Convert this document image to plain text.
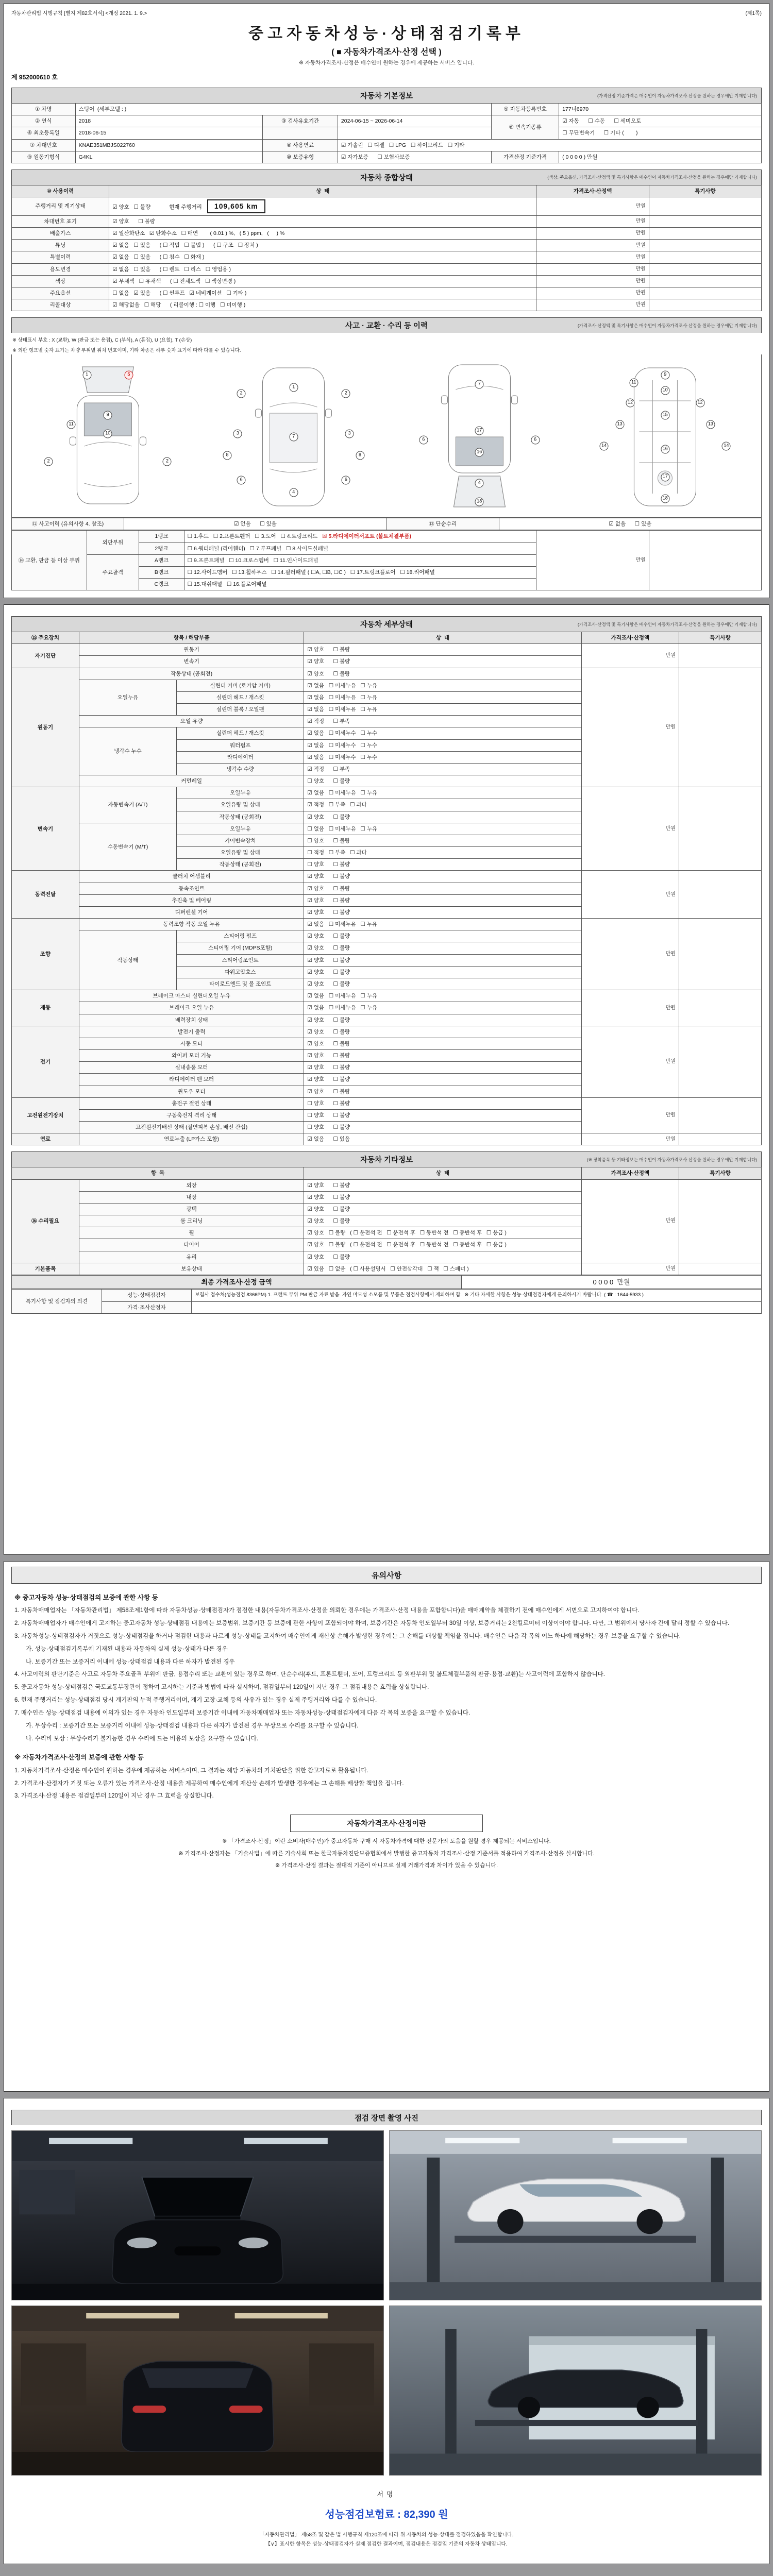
자동차관리법 시행규칙 [별지 제82호서식] <개정 2021. 1. 9.>	(제1쪽)
중고자동차성능·상태점검기록부
( ■ 자동차가격조사·산정 선택 )
※ 자동차가격조사·산정은 매수인이 원하는 경우에 제공하는 서비스 입니다.
제 952000610 호
자동차 기본정보	(가격산정 기준가격은 매수인이 자동차가격조사·산정을 원하는 경우에만 기재합니다)
① 차명	스팅어  (세부모델 : )			⑤ 자동차등록번호	177너6970
② 연식	2018	③ 검사유효기간	2024-06-15 ~ 2026-06-14	⑥ 변속기종류	☑ 자동      ☐ 수동      ☐ 세미오토
④ 최초등록일	2018-06-15				☐ 무단변속기      ☐ 기타 (        )
⑦ 차대번호	KNAE351MBJS022760	⑧ 사용연료	☑ 가솔린   ☐ 디젤   ☐ LPG   ☐ 하이브리드   ☐ 기타		
⑨ 원동기형식	G4KL	⑩ 보증유형	☑ 자가보증      ☐ 보험사보증	가격산정 기준가격	( 0 0 0 0 ) 만원
자동차 종합상태	(색상, 주요옵션, 가격조사·산정액 및 특기사항은 매수인이 자동차가격조사·산정을 원하는 경우에만 기재합니다)
⑩ 사용이력	상  태	가격조사·산정액	특기사항
주행거리 및 계기상태	☑ 양호   ☐ 불량 현재 주행거리 109,605 km	만원	
차대번호 표기	☑ 양호      ☐ 불량	만원	
배출가스	☑ 일산화탄소   ☑ 탄화수소   ☐ 매연        ( 0.01 ) %,   ( 5 ) ppm,   (     ) %	만원	
튜닝	☑ 없음   ☐ 있음      ( ☐ 적법   ☐ 불법 )      ( ☐ 구조   ☐ 장치 )	만원	
특별이력	☑ 없음   ☐ 있음      ( ☐ 침수   ☐ 화재 )	만원	
용도변경	☑ 없음   ☐ 있음      ( ☐ 렌트   ☐ 리스   ☐ 영업용 )	만원	
색상	☑ 무채색   ☐ 유채색      ( ☐ 전체도색   ☐ 색상변경 )	만원	
주요옵션	☐ 없음   ☑ 있음      ( ☐ 썬루프   ☑ 네비게이션   ☐ 기타 )	만원	
리콜대상	☑ 해당없음   ☐ 해당      ( 리콜이행 : ☐ 이행   ☐ 미이행 )	만원	
사고 · 교환 · 수리 등 이력	(가격조사·산정액 및 특기사항은 매수인이 자동차가격조사·산정을 원하는 경우에만 기재합니다)
※ 상태표시 부호 : X (교환), W (판금 또는 용접), C (부식), A (흠집), U (요철), T (손상)
※ 외판 랭크별 숫자 표기는 차량 부위별 위치 번호이며, 기타 차종은 하부 숫자 표기에 따라 다를 수 있습니다.
1	5
9
10
11
2	2
1
2	2
7
3	3
8	8
6	6
4
7
6	6
17
16
4
18
9
10
11
12	12
13	13
14	14
15
16
17
18
⑫ 사고이력 (유의사항 4. 참조)	☑ 없음      ☐ 있음	⑬ 단순수리	☑ 없음      ☐ 있음
⑭ 교환, 판금 등 이상 부위	외판부위	1랭크	☐ 1.후드   ☐ 2.프론트휀더   ☐ 3.도어   ☐ 4.트렁크리드   ☒ 5.라디에이터서포트 (볼트체결부품)	만원	
		2랭크	☐ 6.쿼터패널 (리어휀더)   ☐ 7.루프패널   ☐ 8.사이드실패널		
	주요골격	A랭크	☐ 9.프론트패널   ☐ 10.크로스멤버   ☐ 11.인사이드패널		
		B랭크	☐ 12.사이드멤버   ☐ 13.휠하우스   ☐ 14.필러패널 ( ☐A, ☐B, ☐C )   ☐ 17.트렁크플로어   ☐ 18.리어패널		
		C랭크	☐ 15.대쉬패널   ☐ 16.플로어패널		
자동차 세부상태	(가격조사·산정액 및 특기사항은 매수인이 자동차가격조사·산정을 원하는 경우에만 기재합니다)
⑮ 주요장치	항목 / 해당부품		상  태	가격조사·산정액	특기사항
자기진단	원동기		☑ 양호      ☐ 불량	만원	
	변속기		☑ 양호      ☐ 불량		
원동기	작동상태 (공회전)		☑ 양호      ☐ 불량	만원	
	오일누유	실린더 커버 (로커암 커버)	☑ 없음   ☐ 미세누유   ☐ 누유		
		실린더 헤드 / 개스킷	☑ 없음   ☐ 미세누유   ☐ 누유		
		실린더 블록 / 오일팬	☑ 없음   ☐ 미세누유   ☐ 누유		
	오일 유량		☑ 적정      ☐ 부족		
	냉각수 누수	실린더 헤드 / 개스킷	☑ 없음   ☐ 미세누수   ☐ 누수		
		워터펌프	☑ 없음   ☐ 미세누수   ☐ 누수		
		라디에이터	☑ 없음   ☐ 미세누수   ☐ 누수		
		냉각수 수량	☑ 적정      ☐ 부족		
	커먼레일		☐ 양호      ☐ 불량		
변속기	자동변속기 (A/T)	오일누유	☑ 없음   ☐ 미세누유   ☐ 누유	만원	
		오일유량 및 상태	☑ 적정   ☐ 부족   ☐ 과다		
		작동상태 (공회전)	☑ 양호      ☐ 불량		
	수동변속기 (M/T)	오일누유	☐ 없음   ☐ 미세누유   ☐ 누유		
		기어변속장치	☐ 양호      ☐ 불량		
		오일유량 및 상태	☐ 적정   ☐ 부족   ☐ 과다		
		작동상태 (공회전)	☐ 양호      ☐ 불량		
동력전달	클러치 어셈블리		☑ 양호      ☐ 불량	만원	
	등속조인트		☑ 양호      ☐ 불량		
	추진축 및 베어링		☑ 양호      ☐ 불량		
	디퍼렌셜 기어		☑ 양호      ☐ 불량		
조향	동력조향 작동 오일 누유		☑ 없음   ☐ 미세누유   ☐ 누유	만원	
	작동상태	스티어링 펌프	☑ 양호      ☐ 불량		
		스티어링 기어 (MDPS포함)	☑ 양호      ☐ 불량		
		스티어링조인트	☑ 양호      ☐ 불량		
		파워고압호스	☑ 양호      ☐ 불량		
		타이로드엔드 및 볼 조인트	☑ 양호      ☐ 불량		
제동	브레이크 마스터 실린더오일 누유		☑ 없음   ☐ 미세누유   ☐ 누유	만원	
	브레이크 오일 누유		☑ 없음   ☐ 미세누유   ☐ 누유		
	배력장치 상태		☑ 양호      ☐ 불량		
전기	발전기 출력		☑ 양호      ☐ 불량	만원	
	시동 모터		☑ 양호      ☐ 불량		
	와이퍼 모터 기능		☑ 양호      ☐ 불량		
	실내송풍 모터		☑ 양호      ☐ 불량		
	라디에이터 팬 모터		☑ 양호      ☐ 불량		
	윈도우 모터		☑ 양호      ☐ 불량		
고전원전기장치	충전구 절연 상태		☐ 양호      ☐ 불량	만원	
	구동축전지 격리 상태		☐ 양호      ☐ 불량		
	고전원전기배선 상태 (절연피복 손상, 배선 간섭)		☐ 양호      ☐ 불량		
연료	연료누출 (LP가스 포함)		☑ 없음      ☐ 있음	만원	
자동차 기타정보	(※ 장착품목 등 기타정보는 매수인이 자동차가격조사·산정을 원하는 경우에만 기재합니다)
항  목		상  태	가격조사·산정액	특기사항
⑯ 수리필요	외장	☑ 양호      ☐ 불량	만원	
	내장	☑ 양호      ☐ 불량		
	광택	☑ 양호      ☐ 불량		
	룸 크리닝	☑ 양호      ☐ 불량		
	휠	☑ 양호   ☐ 불량   ( ☐ 운전석 전   ☐ 운전석 후   ☐ 동반석 전   ☐ 동반석 후   ☐ 응급 )		
	타이어	☑ 양호   ☐ 불량   ( ☐ 운전석 전   ☐ 운전석 후   ☐ 동반석 전   ☐ 동반석 후   ☐ 응급 )		
	유리	☑ 양호      ☐ 불량		
기본품목	보유상태	☑ 있음   ☐ 없음   ( ☐ 사용설명서   ☐ 안전삼각대   ☐ 잭   ☐ 스패너 )	만원	
최종 가격조사·산정 금액	0 0 0 0  만원
특기사항 및 점검자의 의견	성능·상태점검자	보험사 접수처(성능점검 8366PM) 1. 프런트 부위 PM 판금 자료 받음. 자연 마모성 소모품 및 부품은 점검사항에서 제외하며 함.  ※ 기타 자세한 사항은 성능·상태점검자에게 문의하시기 바랍니다. ( ☎ : 1644-5933 )
	가격·조사산정자	
유의사항
※ 중고자동차 성능·상태점검의 보증에 관한 사항 등
1. 자동차매매업자는 「자동차관리법」 제58조제1항에 따라 자동차성능·상태점검자가 점검한 내용(자동차가격조사·산정을 의뢰한 경우에는 가격조사·산정 내용을 포함합니다)을 매매계약을 체결하기 전에 매수인에게 서면으로 고지하여야 합니다.
2. 자동차매매업자가 매수인에게 고지하는 중고자동차 성능·상태점검 내용에는 보증범위, 보증기간 등 보증에 관한 사항이 포함되어야 하며, 보증기간은 자동차 인도일부터 30일 이상, 보증거리는 2천킬로미터 이상이어야 합니다. 다만, 그 범위에서 당사자 간에 달리 정할 수 있습니다.
3. 자동차성능·상태점검자가 거짓으로 성능·상태점검을 하거나 점검한 내용과 다르게 성능·상태를 고지하여 매수인에게 재산상 손해가 발생한 경우에는 그 손해를 배상할 책임을 집니다. 매수인은 다음 각 목의 어느 하나에 해당하는 경우 보증을 요구할 수 있습니다.
가. 성능·상태점검기록부에 기재된 내용과 자동차의 실제 성능·상태가 다른 경우
나. 보증기간 또는 보증거리 이내에 성능·상태점검 내용과 다른 하자가 발견된 경우
4. 사고이력의 판단기준은 사고로 자동차 주요골격 부위에 판금, 용접수리 또는 교환이 있는 경우로 하며, 단순수리(후드, 프론트휀더, 도어, 트렁크리드 등 외판부위 및 볼트체결부품의 판금·용접·교환)는 사고이력에 포함하지 않습니다.
5. 중고자동차 성능·상태점검은 국토교통부장관이 정하여 고시하는 기준과 방법에 따라 실시하며, 점검일부터 120일이 지난 경우 그 점검내용은 효력을 상실합니다.
6. 현재 주행거리는 성능·상태점검 당시 계기판의 누적 주행거리이며, 계기 고장·교체 등의 사유가 있는 경우 실제 주행거리와 다를 수 있습니다.
7. 매수인은 성능·상태점검 내용에 이의가 있는 경우 자동차 인도일부터 보증기간 이내에 자동차매매업자 또는 자동차성능·상태점검자에게 다음 각 목의 보증을 요구할 수 있습니다.
가. 무상수리 : 보증기간 또는 보증거리 이내에 성능·상태점검 내용과 다른 하자가 발견된 경우 무상으로 수리를 요구할 수 있습니다.
나. 수리비 보상 : 무상수리가 불가능한 경우 수리에 드는 비용의 보상을 요구할 수 있습니다.
※ 자동차가격조사·산정의 보증에 관한 사항 등
1. 자동차가격조사·산정은 매수인이 원하는 경우에 제공하는 서비스이며, 그 결과는 해당 자동차의 가치판단을 위한 참고자료로 활용됩니다.
2. 가격조사·산정자가 거짓 또는 오류가 있는 가격조사·산정 내용을 제공하여 매수인에게 재산상 손해가 발생한 경우에는 그 손해를 배상할 책임을 집니다.
3. 가격조사·산정 내용은 점검일부터 120일이 지난 경우 그 효력을 상실합니다.
자동차가격조사·산정이란
※ 「가격조사·산정」이란 소비자(매수인)가 중고자동차 구매 시 자동차가격에 대한 전문가의 도움을 원할 경우 제공되는 서비스입니다.
※ 가격조사·산정자는 「기술사법」에 따른 기술사회 또는 한국자동차진단보증협회에서 발행한 중고자동차 가격조사·산정 기준서를 적용하여 가격조사·산정을 실시합니다.
※ 가격조사·산정 결과는 절대적 기준이 아니므로 실제 거래가격과 차이가 있을 수 있습니다.
점검 장면 촬영 사진
서명
성능점검보험료 : 82,390 원
「자동차관리법」 제58조 및 같은 법 시행규칙 제120조에 따라 위 자동차의 성능·상태를 점검하였음을 확인합니다.
【∨】표시한 항목은 성능·상태점검자가 실제 점검한 결과이며, 점검내용은 점검일 기준의 자동차 상태입니다.
